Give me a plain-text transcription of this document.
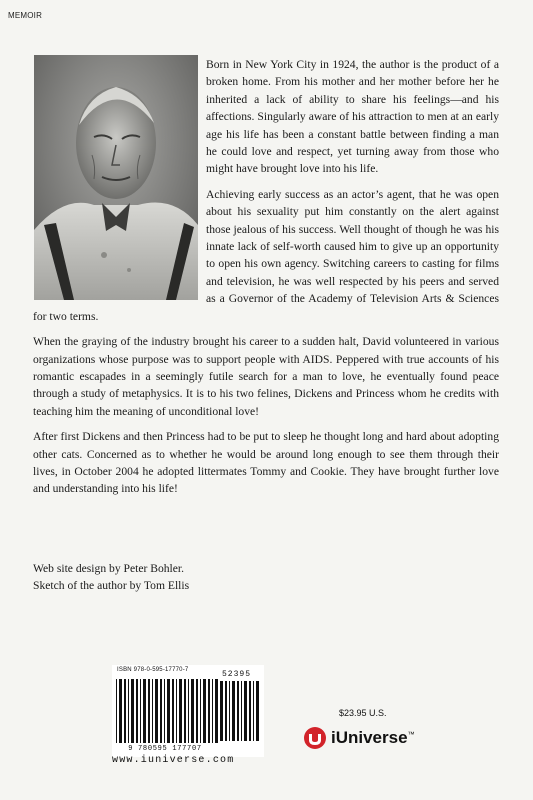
MEMOIR

Born in New York City in 1924, the author is the product of a broken home. From his mother and her mother before her he inherited a lack of ability to share his feelings—and his affections. Singularly aware of his attraction to men at an early age his life has been a constant battle between finding a man he could love and respect, yet turning away from those who might have brought love into his life.

Achieving early success as an actor’s agent, that he was open about his sexuality put him constantly on the alert against those jealous of his success. Well thought of though he was his innate lack of self-worth caused him to give up an opportunity to open his own agency. Switching careers to casting for films and television, he was well respected by his peers and served as a Governor of the Academy of Television Arts & Sciences for two terms.

When the graying of the industry brought his career to a sudden halt, David volunteered in various organizations whose purpose was to support people with AIDS. Peppered with true accounts of his romantic escapades in a seemingly futile search for a man to love, he eventually found peace through a study of metaphysics. It is to his two felines, Dickens and Princess whom he credits with teaching him the meaning of unconditional love!

After first Dickens and then Princess had to be put to sleep he thought long and hard about adopting other cats. Concerned as to whether he would be around long enough to see them through their lives, in October 2004 he adopted littermates Tommy and Cookie. They have brought further love and understanding into his life!

Web site design by Peter Bohler.
Sketch of the author by Tom Ellis
ISBN 978-0-595-17770-7	52395
9 780595 177707
www.iuniverse.com
$23.95 U.S.
iUniverse™
